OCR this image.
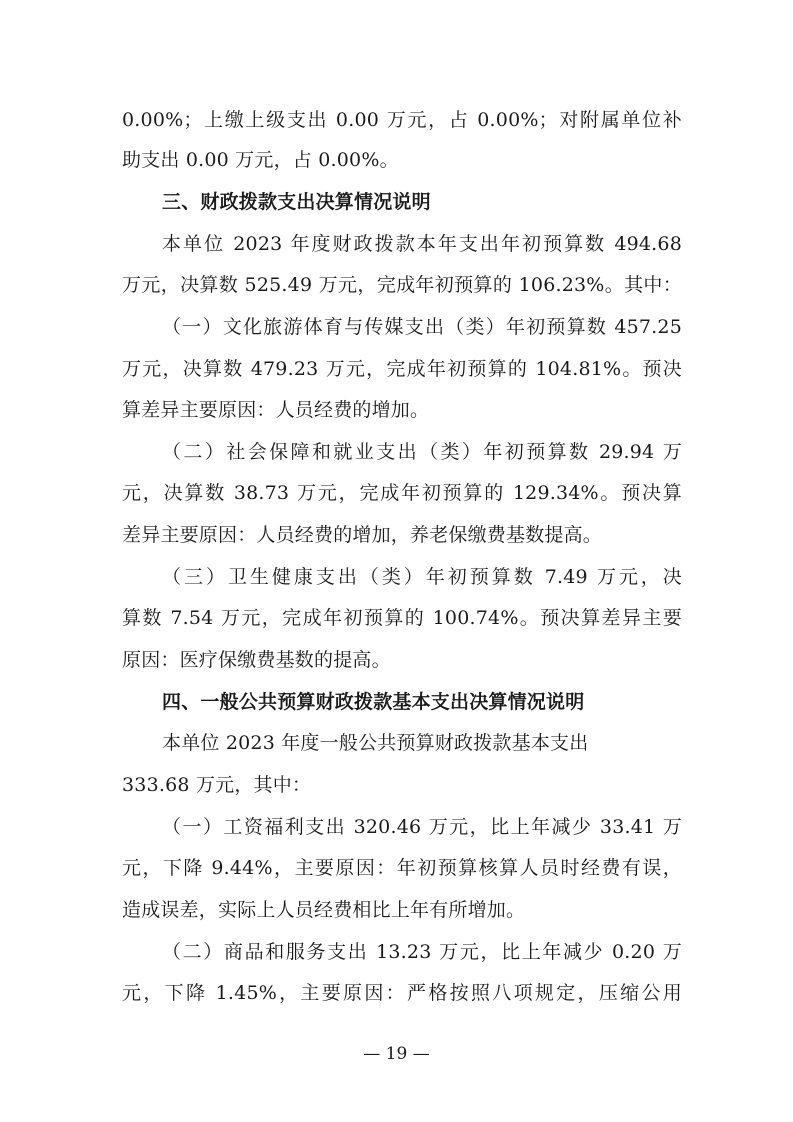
0.00%；上缴上级支出 0.00 万元，占 0.00%；对附属单位补
助支出 0.00 万元，占 0.00%。
三、财政拨款支出决算情况说明
本单位 2023 年度财政拨款本年支出年初预算数 494.68
万元，决算数 525.49 万元，完成年初预算的 106.23%。其中：
（一）文化旅游体育与传媒支出（类）年初预算数 457.25
万元，决算数 479.23 万元，完成年初预算的 104.81%。预决
算差异主要原因：人员经费的增加。
（二）社会保障和就业支出（类）年初预算数 29.94 万
元，决算数 38.73 万元，完成年初预算的 129.34%。预决算
差异主要原因：人员经费的增加，养老保缴费基数提高。
（三）卫生健康支出（类）年初预算数 7.49 万元，决
算数 7.54 万元，完成年初预算的 100.74%。预决算差异主要
原因：医疗保缴费基数的提高。
四、一般公共预算财政拨款基本支出决算情况说明
本单位 2023 年度一般公共预算财政拨款基本支出
333.68 万元，其中：
（一）工资福利支出 320.46 万元，比上年减少 33.41 万
元，下降 9.44%，主要原因：年初预算核算人员时经费有误，
造成误差，实际上人员经费相比上年有所增加。
（二）商品和服务支出 13.23 万元，比上年减少 0.20 万
元，下降 1.45%，主要原因：严格按照八项规定，压缩公用
— 19 —
